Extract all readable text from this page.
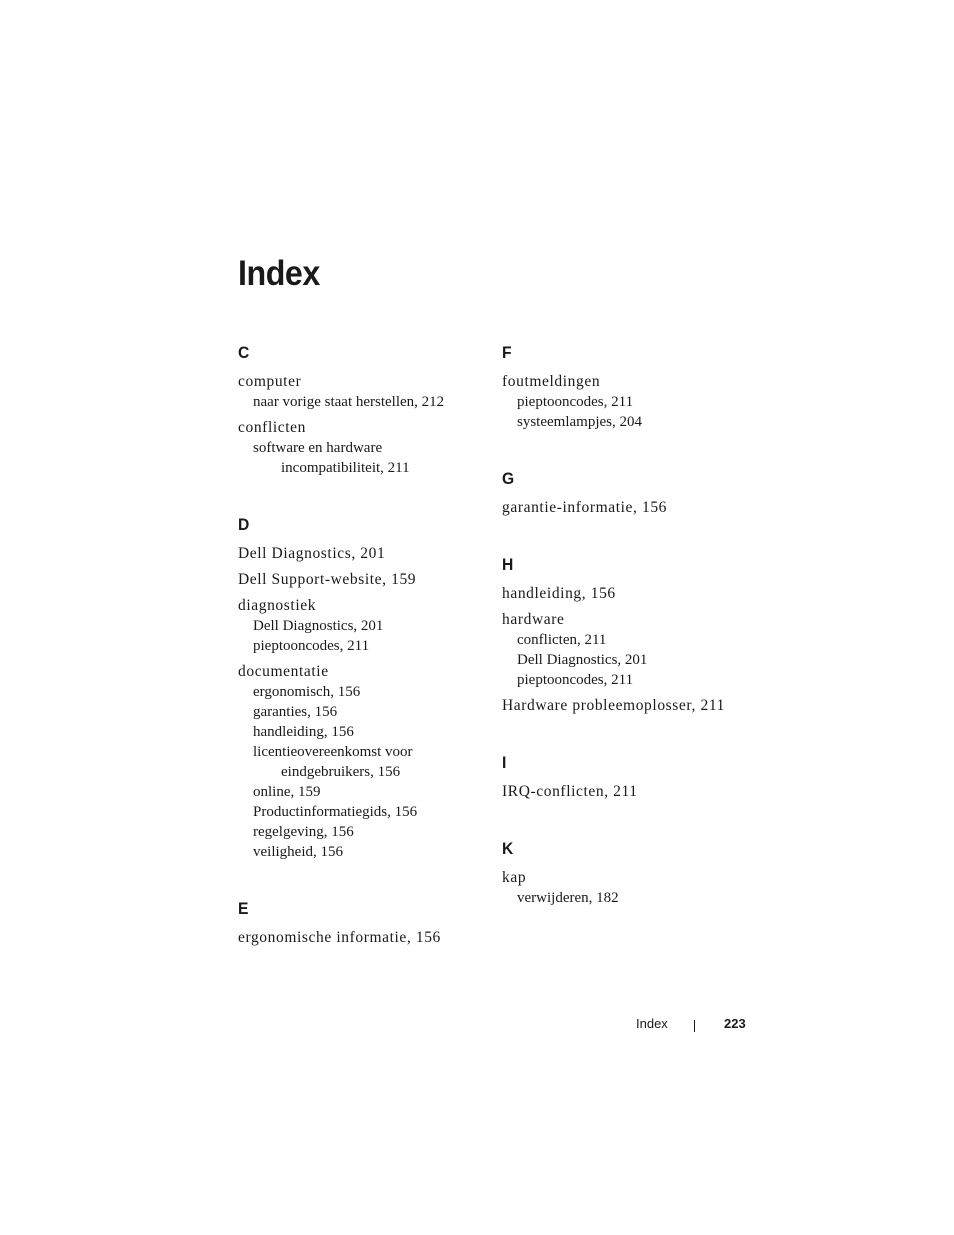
Index
C
computer
naar vorige staat herstellen, 212
conflicten
software en hardware
incompatibiliteit, 211
D
Dell Diagnostics, 201
Dell Support-website, 159
diagnostiek
Dell Diagnostics, 201
pieptooncodes, 211
documentatie
ergonomisch, 156
garanties, 156
handleiding, 156
licentieovereenkomst voor
eindgebruikers, 156
online, 159
Productinformatiegids, 156
regelgeving, 156
veiligheid, 156
E
ergonomische informatie, 156
F
foutmeldingen
pieptooncodes, 211
systeemlampjes, 204
G
garantie-informatie, 156
H
handleiding, 156
hardware
conflicten, 211
Dell Diagnostics, 201
pieptooncodes, 211
Hardware probleemoplosser, 211
I
IRQ-conflicten, 211
K
kap
verwijderen, 182
Index	223
